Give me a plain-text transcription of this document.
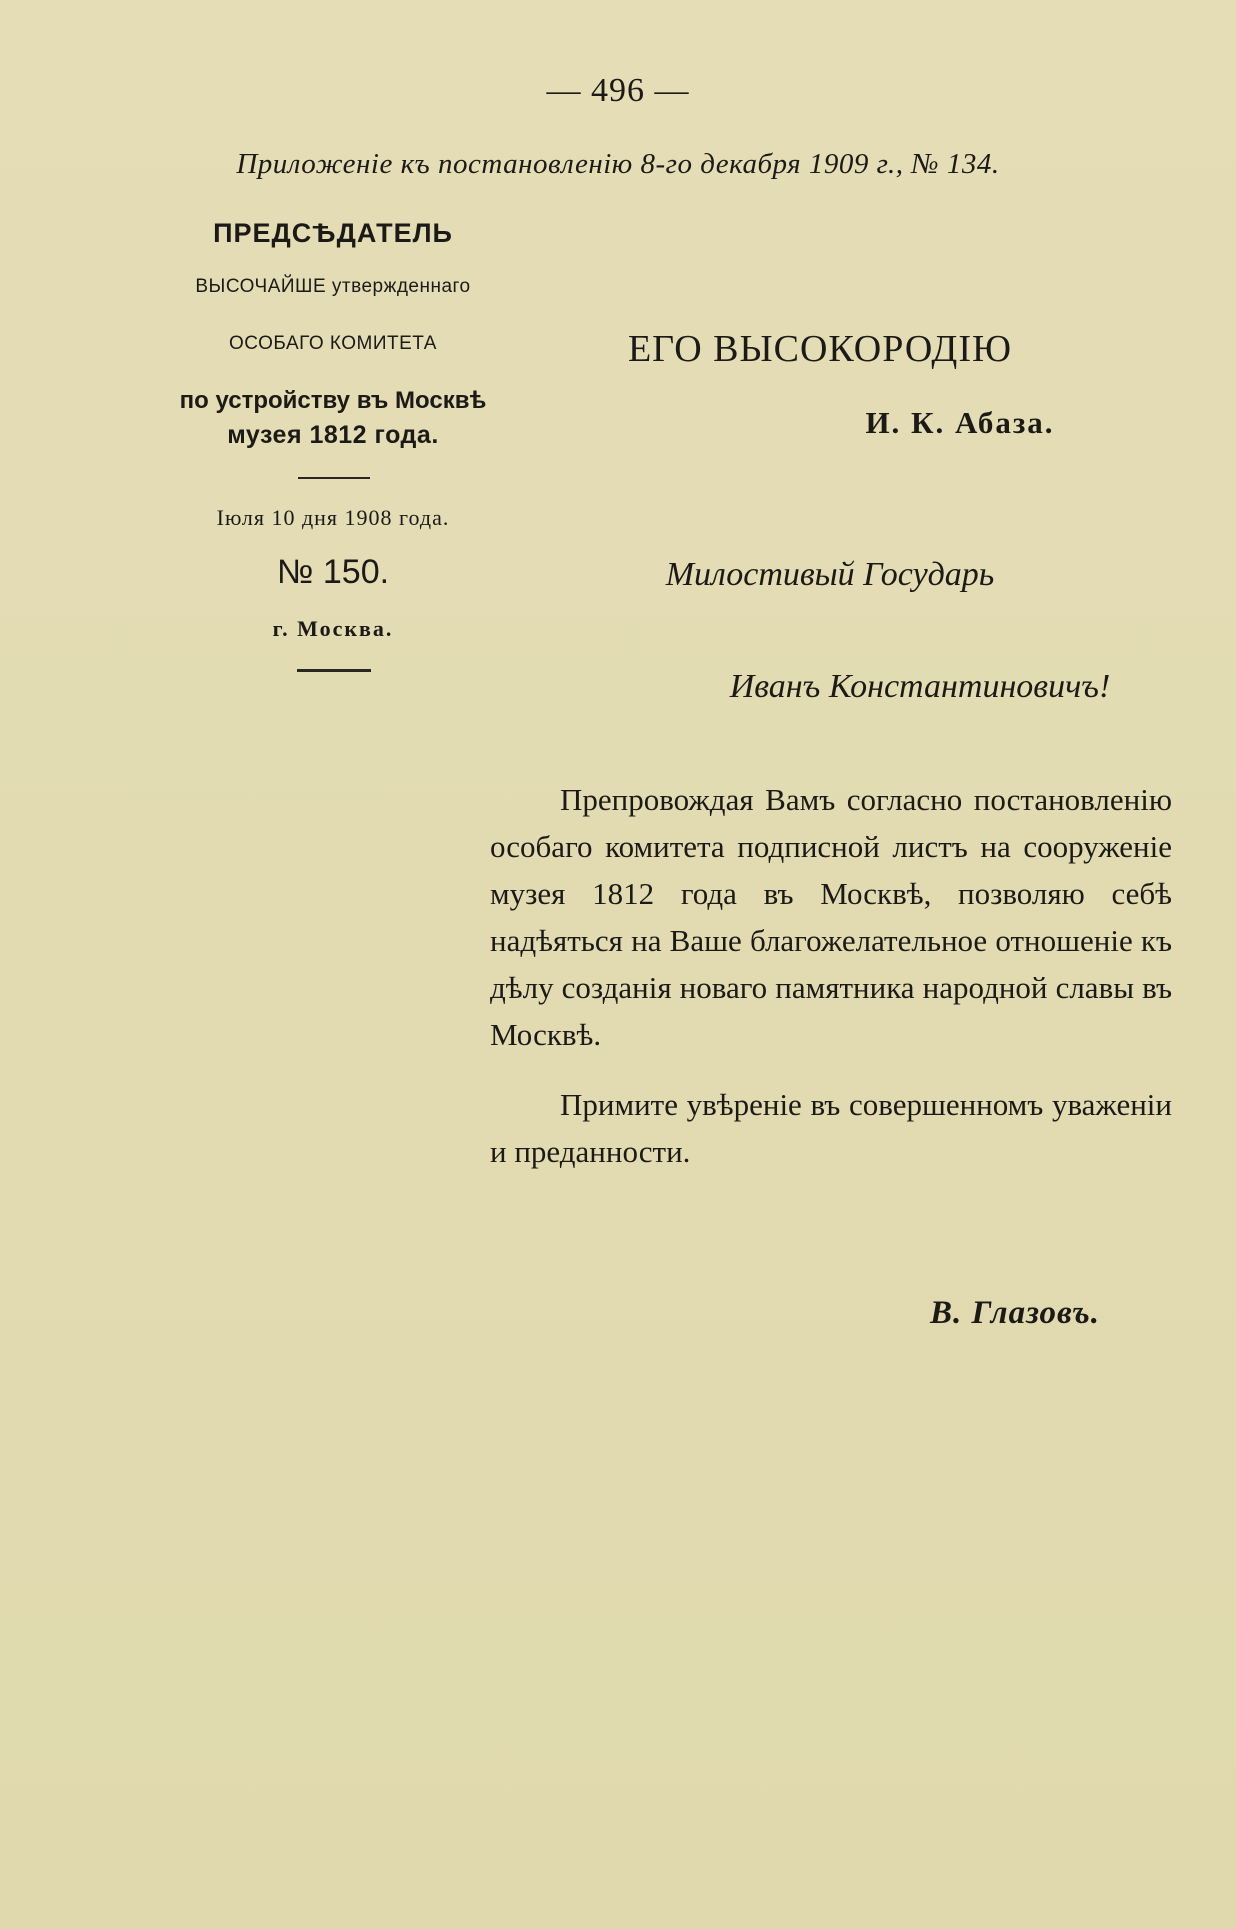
— 496 —
Приложеніе къ постановленію 8-го декабря 1909 г., № 134.
ПРЕДСѢДАТЕЛЬ
ВЫСОЧАЙШЕ утвержденнаго
ОСОБАГО КОМИТЕТА
по устройству въ Москвѣ
музея 1812 года.
Іюля 10 дня 1908 года.
№ 150.
г. Москва.
ЕГО ВЫСОКОРОДІЮ
И. К. Абаза.
Милостивый Государь
Иванъ Константиновичъ!

Препровождая Вамъ согласно постановленію особаго комитета подписной листъ на сооруженіе музея 1812 года въ Москвѣ, позволяю себѣ надѣяться на Ваше благожелательное отношеніе къ дѣлу созданія новаго памятника народной славы въ Москвѣ.

Примите увѣреніе въ совершенномъ уваженіи и преданности.

В. Глазовъ.
